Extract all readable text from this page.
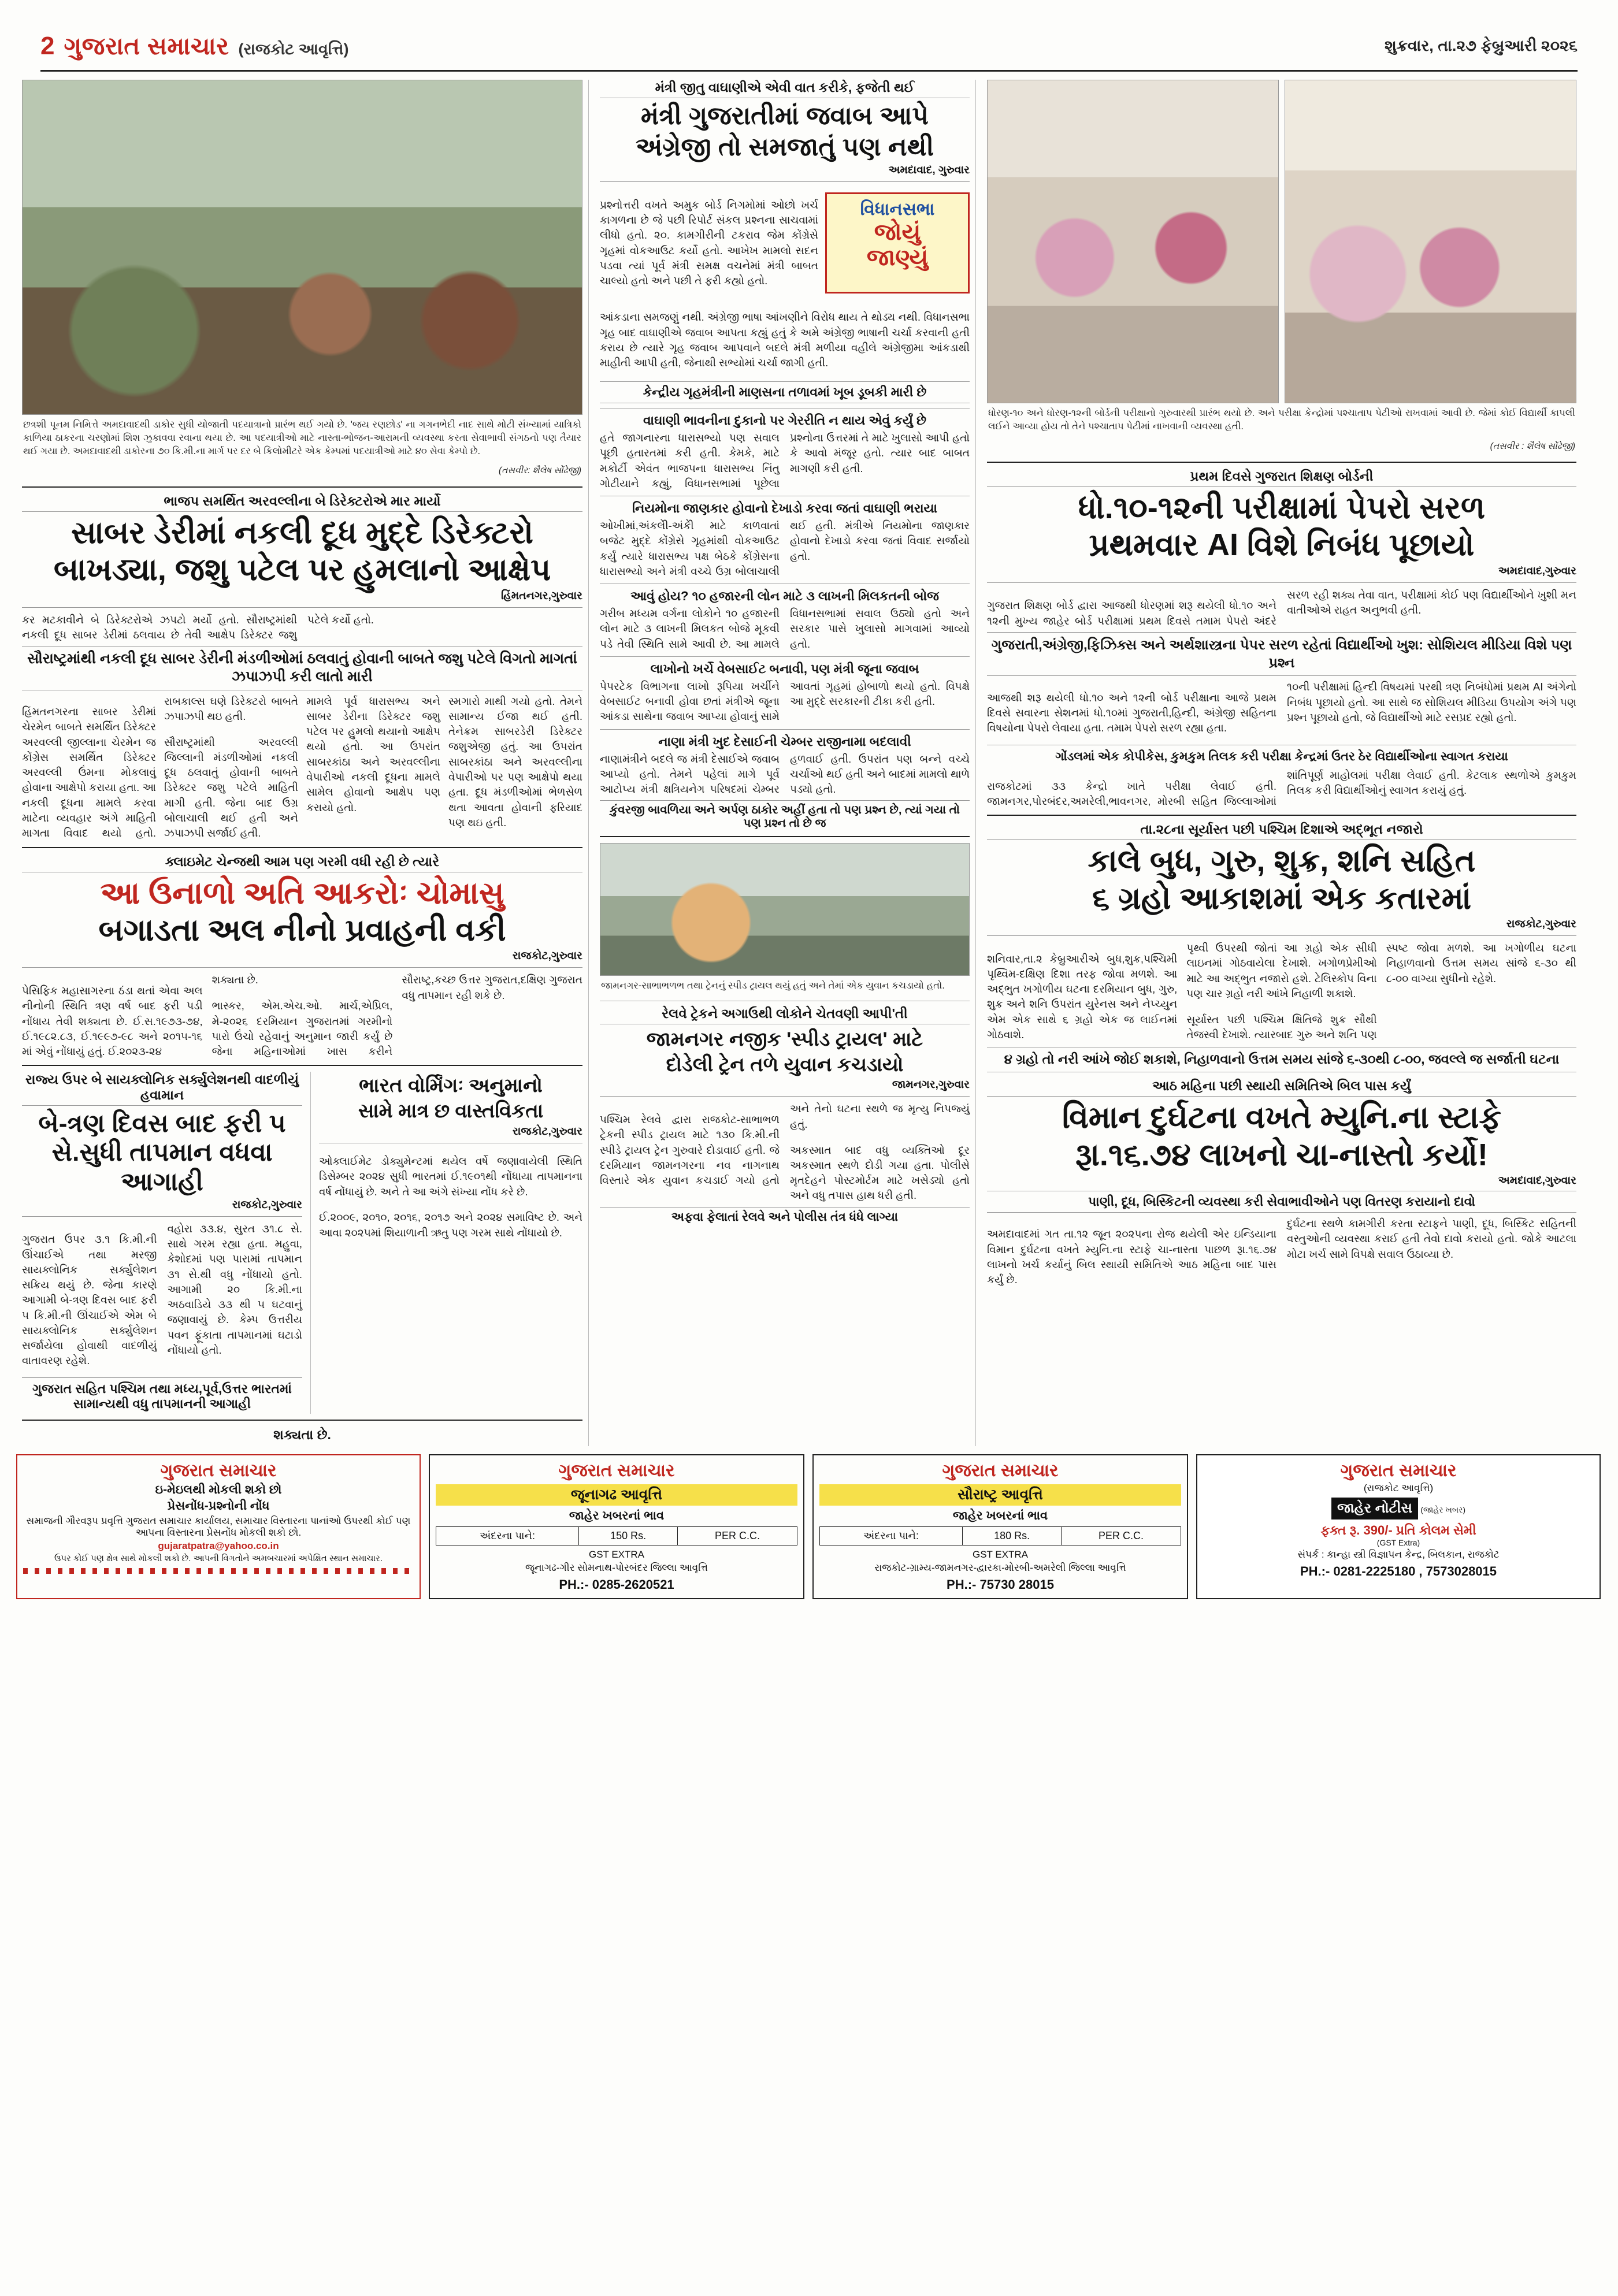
2 ગુજરાત સમાચાર (રાજકોટ આવૃત્તિ)	શુક્રવાર, તા.૨૭ ફેબ્રુઆરી ૨૦૨૬
છત્રશી પૂનમ નિમિત્તે અમદાવાદથી ડાકોર સુધી યોજાતી પદયાત્રાનો પ્રારંભ થઈ ગયો છે. 'જય રણછોડ' ના ગગનભેદી નાદ સાથે મોટી સંખ્યામાં યાત્રિકો કાળિયા ઠાકરના ચરણોમાં શિશ ઝુકાવવા રવાના થયા છે. આ પદયાત્રીઓ માટે નાસ્તા-ભોજન-આરામની વ્યવસ્થા કરતા સેવાભાવી સંગઠનો પણ તૈયાર થઈ ગયા છે. અમદાવાદથી ડાકોરના ૭૦ કિ.મી.ના માર્ગ પર દર બે કિલોમીટરે એક કેમ્પમાં પદયાત્રીઓ માટે ૪૦ સેવા કેમ્પો છે.
(તસવીર: શૈલેષ સોંઢેજી)
ભાજપ સમર્થિત અરવલ્લીના બે ડિરેક્ટરોએ માર માર્યો
સાબર ડેરીમાં નકલી દૂધ મુદ્દે ડિરેક્ટરો
બાખડ્યા, જશુ પટેલ પર હુમલાનો આક્ષેપ
હિંમતનગર,ગુરુવાર
કર મટકાવીને બે ડિરેક્ટરોએ ઝપટો મર્યો હતો. સૌરાષ્ટ્રમાંથી નકલી દૂધ સાબર ડેરીમાં ઠલવાય છે તેવી આક્ષેપ ડિરેક્ટર જશુ પટેલે કર્યો હતો.
સૌરાષ્ટ્રમાંથી નકલી દૂધ સાબર ડેરીની મંડળીઓમાં ઠલવાતું હોવાની બાબતે જશુ પટેલે વિગતો માગતાં ઝપાઝપી કરી લાતો મારી

હિંમતનગરના સાબર ડેરીમાં ચેરમેન બાબતે સમર્થિત ડિરેક્ટર અરવલ્લી જીલ્લાના ચેરમેન જ કોંગ્રેસ સમર્થિત ડિરેક્ટર અરવલ્લી ઉંમના મોકલાવું હોવાના આક્ષેપો કરાયા હતા. આ નકલી દૂધના મામલે કરવા માટેના વ્યવહાર અંગે માહિતી માગતા વિવાદ થયો હતો. રાબકાલ્સ ઘણે ડિરેક્ટરો બાબતે ઝપાઝપી થઇ હતી.

સૌરાષ્ટ્રમાંથી અરવલ્લી જિલ્લાની મંડળીઓમાં નકલી દૂધ ઠલવાતું હોવાની બાબતે ડિરેક્ટર જશુ પટેલે માહિતી માગી હતી. જેના બાદ ઉગ્ર બોલાચાલી થઈ હતી અને ઝપાઝપી સર્જાઈ હતી.

મામલે પૂર્વ ધારાસભ્ય અને સાબર ડેરીના ડિરેક્ટર જશુ પટેલ પર હુમલો થયાનો આક્ષેપ થયો હતો. આ ઉપરાંત સાબરકાંઠા અને અરવલ્લીના વેપારીઓ નકલી દૂધના મામલે સામેલ હોવાનો આક્ષેપ પણ કરાયો હતો.

સ્મગારો માથી ગયો હતો. તેમને સામાન્ય ઈજા થઈ હતી. તેનેક્રમ સાબરડેરી ડિરેક્ટર જશુએજી હતું. આ ઉપરાંત સાબરકાંઠા અને અરવલ્લીના વેપારીઓ પર પણ આક્ષેપો થયા હતા. દૂધ મંડળીઓમાં ભેળસેળ થતા આવતા હોવાની ફરિયાદ પણ થઇ હતી.

ક્લાઇમેટ ચેન્જથી આમ પણ ગરમી વધી રહી છે ત્યારે
આ ઉનાળો અતિ આકરોઃ ચોમાસુ
બગાડતા અલ નીનો પ્રવાહની વકી
રાજકોટ,ગુરુવાર

પેસિફિક મહાસાગરના ઠંડા થતાં એવા અલ નીનોની સ્થિતિ ત્રણ વર્ષ બાદ ફરી પડી નોંધાય તેવી શક્યતા છે. ઈ.સ.૧૯૭૩-૭૪, ઈ.૧૯૮૨.૮૩, ઈ.૧૯૯૭-૯૮ અને ૨૦૧૫-૧૬ માં એવું નોંધાયું હતું. ઈ.૨૦૨૩-૨૪

શક્યતા છે.

ભાસ્કર, એમ.એચ.ઓ. માર્ચ,એપ્રિલ, મે-૨૦૨૬ દરમિયાન ગુજરાતમાં ગરમીનો પારો ઉંચો રહેવાનું અનુમાન જારી કર્યું છે જેના મહિનાઓમાં ખાસ કરીને સૌરાષ્ટ્ર,કચ્છ ઉત્તર ગુજરાત,દક્ષિણ ગુજરાત વધુ તાપમાન રહી શકે છે.

રાજ્ય ઉપર બે સાયક્લોનિક સર્ક્યુલેશનથી વાદળીયું હવામાન
બે-ત્રણ દિવસ બાદ ફરી ૫ સે.સુધી તાપમાન વધવા આગાહી
રાજકોટ,ગુરુવાર

ગુજરાત ઉપર ૩.૧ કિ.મી.ની ઊંચાઈએ તથા મરજી સાયક્લોનિક સર્ક્યુલેશન સક્રિય થયું છે. જેના કારણે આગામી બે-ત્રણ દિવસ બાદ ફરી ૫ કિ.મી.ની ઊંચાઈએ એમ બે સાયક્લોનિક સર્ક્યુલેશન સર્જાયેલા હોવાથી વાદળીયું વાતાવરણ રહેશે.

વહોરા ૩૩.૪, સુરત ૩૧.૮ સે. સાથે ગરમ રહ્યા હતા. મહુવા, કેશોદમાં પણ પારામાં તાપમાન ૩૧ સે.થી વધુ નોંધાયો હતો. આગામી ૨૦ કિ.મી.ના અઠવાડિયે ૩૩ થી ૫ ઘટવાનું જણાવાયું છે. કેમ્પ ઉત્તરીય પવન ફૂંકાતા તાપમાનમાં ઘટાડો નોંધાયો હતો.

ગુજરાત સહિત પશ્ચિમ તથા મધ્ય,પૂર્વ,ઉત્તર ભારતમાં સામાન્યથી વધુ તાપમાનની આગાહી
ભારત વોર્મિંગઃ અનુમાનો
સામે માત્ર છ વાસ્તવિકતા
રાજકોટ,ગુરુવાર

ઓક્લાઈમેટ ડોક્યુમેન્ટમાં થયેલ વર્ષે જણાવાયેલી સ્થિતિ ડિસેમ્બર ૨૦૨૪ સુધી ભારતમાં ઈ.૧૯૦૧થી નોંધાયા તાપમાનના વર્ષ નોંધાયું છે. અને તે આ અંગે સંખ્યા નોંધ કરે છે.

ઈ.૨૦૦૯, ૨૦૧૦, ૨૦૧૬, ૨૦૧૭ અને ૨૦૨૪ સમાવિષ્ટ છે. અને આવા ૨૦૨૫માં શિયાળાની ઋતુ પણ ગરમ સાથે નોંધાયો છે.

શક્યતા છે.
મંત્રી જીતુ વાઘાણીએ એવી વાત કરીકે, ફજેતી થઈ
મંત્રી ગુજરાતીમાં જવાબ આપે
અંગ્રેજી તો સમજાતું પણ નથી
અમદાવાદ, ગુરુવાર

પ્રશ્નોત્તરી વખતે અમુક બોર્ડ નિગમોમાં ઓછો ખર્ચ કાગળના છે જે પછી રિપોર્ટ સંકલ પ્રશ્નના સાચવામાં લીધો હતો. ૨૦. કામગીરીની ટકરાવ જેમ કોંગ્રેસે ગૃહમાં વોકઆઉટ કર્યો હતો. આખેખ મામલો સદન પડવા ત્યાં પૂર્વ મંત્રી સમક્ષ વચનેમાં મંત્રી બાબત ચાલ્યો હતો અને પછી તે ફરી કહ્યો હતો.

વિધાનસભા
જોયું
જાણ્યું

આંકડાના સમજણું નથી. અંગ્રેજી ભાષા આંખણીને વિરોધ થાય તે થોડ્ય નથી. વિધાનસભા ગૃહ બાદ વાઘાણીએ જવાબ આપતા કહ્યું હતું કે અમે અંગ્રેજી ભાષાની ચર્ચા કરવાની હતી કરાય છે ત્યારે ગૃહ જવાબ આપવાને બદલે મંત્રી મળીયા વહીલે અંગ્રેજીમા આંકડાથી માહીતી આપી હતી, જેનાથી સભ્યોમાં ચર્ચા જાગી હતી.

કેન્દ્રીય ગૃહમંત્રીની માણસના તળાવમાં ખૂબ ડૂબકી મારી છે
વાઘાણી ભાવનીના દુકાનો પર ગેરરીતિ ન થાય એવું કર્યું છે
હતે જાગનારના ધારાસભ્યો પણ સવાલ પૂછી હતારતમાં કરી હતી. કેમકે, માટે મકોર્ટી એવંત ભાજપના ધારાસભ્ય નિંતુ ગોટીયાને કહ્યું, વિધાનસભામાં પૂછેલા પ્રશ્નોના ઉત્તરમાં તે માટે ખુલાસો આપી હતો કે આવો મંજૂર હતો. ત્યાર બાદ બાબત માગણી કરી હતી.
નિયમોના જાણકાર હોવાનો દેખાડો કરવા જતાં વાઘાણી ભરાયા
ઓખીમાં,અંકલેી-અંકેી માટે કાળવાતાં બજેટ મુદ્દે કોંગ્રેસે ગૃહમાંથી વોકઆઉટ કર્યું ત્યારે ધારાસભ્ય પક્ષ બેઠકે કોંગ્રેસના ધારાસભ્યો અને મંત્રી વચ્ચે ઉગ્ર બોલાચાલી થઈ હતી. મંત્રીએ નિયમોના જાણકાર હોવાનો દેખાડો કરવા જતાં વિવાદ સર્જાયો હતો.
આવું હોય? ૧૦ હજારની લોન માટે ૩ લાખની મિલકતની બોજ
ગરીબ મધ્યમ વર્ગના લોકોને ૧૦ હજારની લોન માટે ૩ લાખની મિલકત બોજે મૂકવી પડે તેવી સ્થિતિ સામે આવી છે. આ મામલે વિધાનસભામાં સવાલ ઉઠ્યો હતો અને સરકાર પાસે ખુલાસો માગવામાં આવ્યો હતો.
લાખોનો ખર્ચે વેબસાઈટ બનાવી, પણ મંત્રી જૂના જવાબ
પેપરટેક વિભાગના લાખો રૂપિયા ખર્ચીને વેબસાઈટ બનાવી હોવા છતાં મંત્રીએ જૂના આંકડા સાથેના જવાબ આપ્યા હોવાનું સામે આવતાં ગૃહમાં હોબાળો થયો હતો. વિપક્ષે આ મુદ્દે સરકારની ટીકા કરી હતી.
નાણા મંત્રી ખુદ દેસાઈની ચેમ્બર રાજીનામા બદલાવી
નાણામંત્રીને બદલે જ મંત્રી દેસાઈએ જવાબ આપ્યો હતો. તેમને પહેલાં માગે પૂર્વ આટોપ્ય મંત્રી ક્ષત્રિયનેગ પરિષદમાં ચેમ્બર હળવાઈ હતી. ઉપરાંત પણ બન્ને વચ્ચે ચર્ચાઓ થઈ હતી અને બાદમાં મામલો થાળે પડ્યો હતો.
કુંવરજી બાવળિયા અને અર્પણ ઠાકોર અહીં હતા તો પણ પ્રશ્ન છે, ત્યાં ગયા તો પણ પ્રશ્ન તો છે જ
જામનગર-સાભાભળભ તથા ટ્રેનનું સ્પીડ ટ્રાયલ થયું હતું અને તેમાં એક યુવાન કચડાયો હતો.
રેલવે ટ્રેકને અગાઉથી લોકોને ચેતવણી આપી'તી
જામનગર નજીક 'સ્પીડ ટ્રાયલ' માટે
દોડેલી ટ્રેન તળે યુવાન કચડાયો
જામનગર,ગુરુવાર

પશ્ચિમ રેલવે દ્વારા રાજકોટ-સાભાભળ ટ્રેકની સ્પીડ ટ્રાયલ માટે ૧૩૦ કિ.મી.ની સ્પીડે ટ્રાયલ ટ્રેન ગુરુવારે દોડાવાઈ હતી. જે દરમિયાન જામનગરના નવ નાગનાથ વિસ્તારે એક યુવાન કચડાઈ ગયો હતો અને તેનો ઘટના સ્થળે જ મૃત્યુ નિપજ્યું હતું.

અકસ્માત બાદ વધુ વ્યક્તિઓ દૂર અકસ્માત સ્થળે દોડી ગયા હતા. પોલીસે મૃતદેહને પોસ્ટમોર્ટમ માટે ખસેડ્યો હતો અને વધુ તપાસ હાથ ધરી હતી.

અફવા ફેલાતાં રેલવે અને પોલીસ તંત્ર ધંધે લાગ્યા
ધોરણ-૧૦ અને ધોરણ-૧૨ની બોર્ડની પરીક્ષાનો ગુરુવારથી પ્રારંભ થયો છે. અને પરીક્ષા કેન્દ્રોમાં પશ્ચાતાપ પેટીઓ રાખવામાં આવી છે. જેમાં કોઈ વિદ્યાર્થી કાપલી લઈને આવ્યા હોય તો તેને પશ્ચાતાપ પેટીમાં નાખવાની વ્યવસ્થા હતી.
(તસવીર : શૈલેષ સોંઢેજી)
પ્રથમ દિવસે ગુજરાત શિક્ષણ બોર્ડની
ધો.૧૦-૧૨ની પરીક્ષામાં પેપરો સરળ
પ્રથમવાર AI વિશે નિબંધ પૂછાયો
અમદાવાદ,ગુરુવાર

ગુજરાત શિક્ષણ બોર્ડ દ્વારા આજથી ધોરણમાં શરૂ થયેલી ધો.૧૦ અને ૧૨ની મુખ્ય જાહેર બોર્ડ પરીક્ષામાં પ્રથમ દિવસે તમામ પેપરો અંદરે સરળ રહી શક્ય તેવા વાત, પરીક્ષામાં કોઈ પણ વિદ્યાર્થીઓને ખુશી મન વાતીઓએ રાહત અનુભવી હતી.

ગુજરાતી,અંગ્રેજી,ફિઝિક્સ અને અર્થશાસ્ત્રના પેપર સરળ રહેતાં વિદ્યાર્થીઓ ખુશ: સોશિયલ મીડિયા વિશે પણ પ્રશ્ન

આજથી શરૂ થયેલી ધો.૧૦ અને ૧૨ની બોર્ડ પરીક્ષાના આજે પ્રથમ દિવસે સવારના સેશનમાં ધો.૧૦માં ગુજરાતી,હિન્દી, અંગ્રેજી સહિતના વિષયોના પેપરો લેવાયા હતા. તમામ પેપરો સરળ રહ્યા હતા.

૧૦ની પરીક્ષામાં હિન્દી વિષયમાં પરથી ત્રણ નિબંધોમાં પ્રથમ AI અંગેનો નિબંધ પૂછાયો હતો. આ સાથે જ સોશિયલ મીડિયા ઉપયોગ અંગે પણ પ્રશ્ન પૂછાયો હતો, જે વિદ્યાર્થીઓ માટે રસપ્રદ રહ્યો હતો.

ગોંડલમાં એક કોપીકેસ, કુમકુમ તિલક કરી પરીક્ષા કેન્દ્રમાં ઉતર ઠેર વિદ્યાર્થીઓના સ્વાગત કરાયા

રાજકોટમાં ૩૩ કેન્દ્રો ખાતે પરીક્ષા લેવાઈ હતી. જામનગર,પોરબંદર,અમરેલી,ભાવનગર, મોરબી સહિત જિલ્લાઓમાં શાંતિપૂર્ણ માહોલમાં પરીક્ષા લેવાઈ હતી. કેટલાક સ્થળોએ કુમકુમ તિલક કરી વિદ્યાર્થીઓનું સ્વાગત કરાયું હતું.

તા.૨૮ના સૂર્યાસ્ત પછી પશ્ચિમ દિશાએ અદ્ભૂત નજારો
કાલે બુધ, ગુરુ, શુક્ર, શનિ સહિત
૬ ગ્રહો આકાશમાં એક કતારમાં
રાજકોટ,ગુરુવાર

શનિવાર,તા.૨ કેબ્રુઆરીએ બુધ,શુક્ર,પશ્ચિમી પૃથ્વિમ-દક્ષિણ દિશા તરફ જોવા મળશે. આ અદ્ભુત ખગોળીય ઘટના દરમિયાન બુધ, ગુરુ, શુક્ર અને શનિ ઉપરાંત યુરેનસ અને નેપ્ચ્યુન એમ એક સાથે ૬ ગ્રહો એક જ લાઈનમાં ગોઠવાશે.

પૃથ્વી ઉપરથી જોતાં આ ગ્રહો એક સીધી લાઇનમાં ગોઠવાયેલા દેખાશે. ખગોળપ્રેમીઓ માટે આ અદ્ભુત નજારો હશે. ટેલિસ્કોપ વિના પણ ચાર ગ્રહો નરી આંખે નિહાળી શકાશે.

સૂર્યાસ્ત પછી પશ્ચિમ ક્ષિતિજે શુક્ર સૌથી તેજસ્વી દેખાશે. ત્યારબાદ ગુરુ અને શનિ પણ સ્પષ્ટ જોવા મળશે. આ ખગોળીય ઘટના નિહાળવાનો ઉત્તમ સમય સાંજે ૬-૩૦ થી ૮-૦૦ વાગ્યા સુધીનો રહેશે.

૪ ગ્રહો તો નરી આંખે જોઈ શકાશે, નિહાળવાનો ઉત્તમ સમય સાંજે ૬-૩૦થી ૮-૦૦, જવલ્લે જ સર્જાતી ઘટના
આઠ મહિના પછી સ્થાયી સમિતિએ બિલ પાસ કર્યું
વિમાન દુર્ઘટના વખતે મ્યુનિ.ના સ્ટાફે
રૂા.૧૬.૭૪ લાખનો ચા-નાસ્તો કર્યો!
અમદાવાદ,ગુરુવાર
પાણી, દૂધ, બિસ્કિટની વ્યવસ્થા કરી સેવાભાવીઓને પણ વિતરણ કરાયાનો દાવો

અમદાવાદમાં ગત તા.૧૨ જૂન ૨૦૨૫ના રોજ થયેલી એર ઇન્ડિયાના વિમાન દુર્ઘટના વખતે મ્યુનિ.ના સ્ટાફે ચા-નાસ્તા પાછળ રૂા.૧૬.૭૪ લાખનો ખર્ચ કર્યાનું બિલ સ્થાયી સમિતિએ આઠ મહિના બાદ પાસ કર્યું છે.

દુર્ઘટના સ્થળે કામગીરી કરતા સ્ટાફને પાણી, દૂધ, બિસ્કિટ સહિતની વસ્તુઓની વ્યવસ્થા કરાઈ હતી તેવો દાવો કરાયો હતો. જોકે આટલા મોટા ખર્ચ સામે વિપક્ષે સવાલ ઉઠાવ્યા છે.

ગુજરાત સમાચાર
ઇ-મેઇલથી મોકલી શકો છો
પ્રેસનોંધ-પ્રશ્નોની નોંધ
સમાજની ગૌરવરૂપ પ્રવૃત્તિ ગુજરાત સમાચાર કાર્યાલય, સમાચાર વિસ્તારના પાનાંઓ ઉપરથી કોઈ પણ આપના વિસ્તારના પ્રેસનોંધ મોકલી શકો છો.
gujaratpatra@yahoo.co.in
ઉપર કોઈ પણ ક્ષેત્ર સાથે મોકલી શકો છે. આપની વિગતોને અમબચારમાં અપેક્ષિત સ્થાન સમાચાર.
ગુજરાત સમાચાર
જૂનાગઢ આવૃત્તિ
જાહેર ખબરનાં ભાવ
અંદરના પાને:	150 Rs.	PER C.C.
GST EXTRA
જૂનાગઢ-ગીર સોમનાથ-પોરબંદર જિલ્લા આવૃત્તિ
PH.:- 0285-2620521
ગુજરાત સમાચાર
સૌરાષ્ટ્ર આવૃત્તિ
જાહેર ખબરનાં ભાવ
અંદરના પાને:	180 Rs.	PER C.C.
GST EXTRA
રાજકોટ-ગ્રામ્ય-જામનગર-દ્વારકા-મોરબી-અમરેલી જિલ્લા આવૃત્તિ
PH.:- 75730 28015
ગુજરાત સમાચાર
(રાજકોટ આવૃત્તિ)
જાહેર નોટીસ (જાહેર ખબર)
ફક્ત રૂ. 390/- પ્રતિ કોલમ સેમી
(GST Extra)
સંપર્ક : કાન્હા સ્ત્રી વિજ્ઞાપન કેન્દ્ર, બિલકાન, રાજકોટ
PH.:- 0281-2225180 , 7573028015
